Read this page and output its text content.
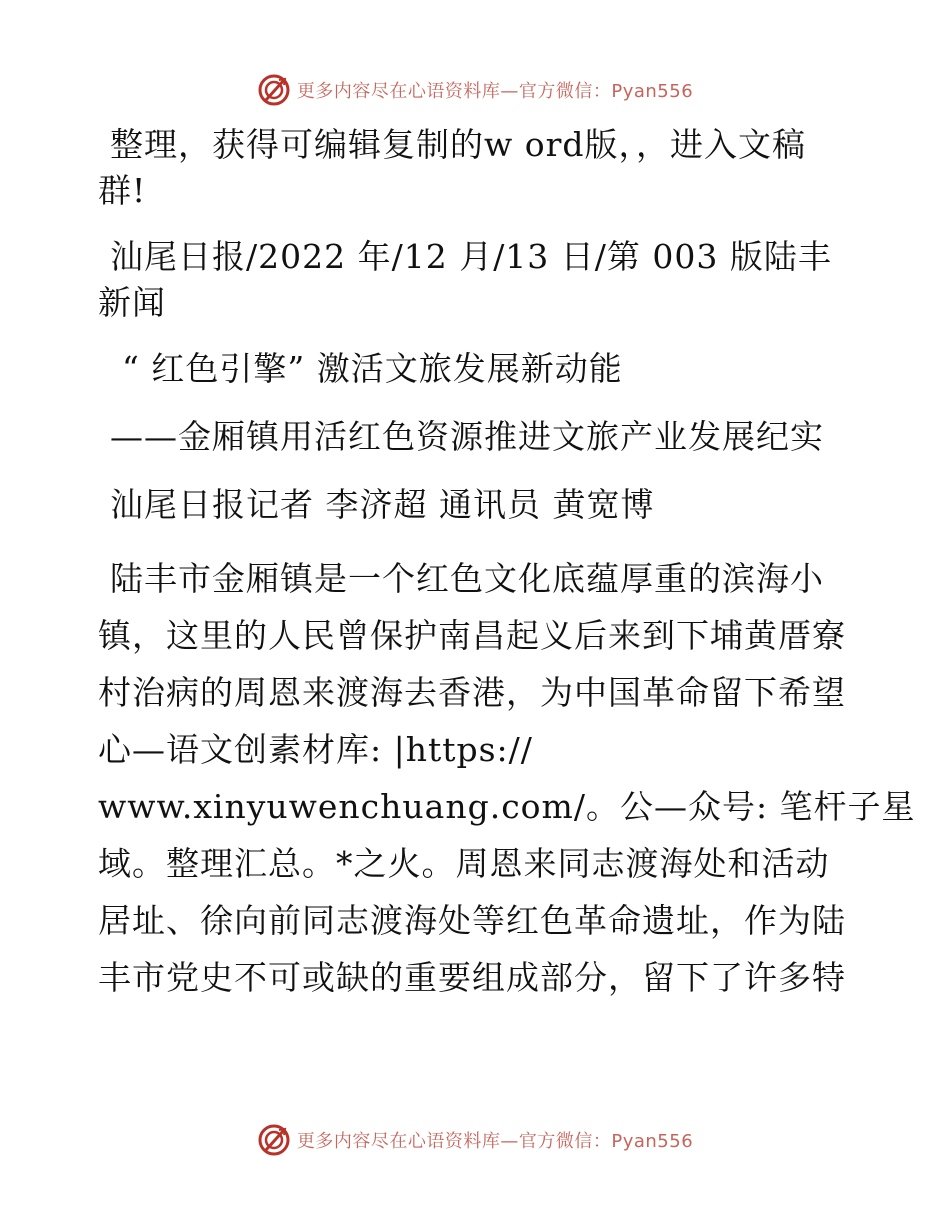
更多内容尽在心语资料库—官方微信：Pyan556
整理，获得可编辑复制的w ord版，，进入文稿
群!
汕尾日报/2022 年/12 月/13 日/第 003 版陆丰
新闻
“ 红色引擎” 激活文旅发展新动能
——金厢镇用活红色资源推进文旅产业发展纪实
汕尾日报记者 李济超 通讯员 黄宽博
陆丰市金厢镇是一个红色文化底蕴厚重的滨海小
镇，这里的人民曾保护南昌起义后来到下埔黄厝寮
村治病的周恩来渡海去香港，为中国革命留下希望
心—语文创素材库: |https://
www.xinyuwenchuang.com/。公—众号: 笔杆子星
域。整理汇总。*之火。周恩来同志渡海处和活动
居址、徐向前同志渡海处等红色革命遗址，作为陆
丰市党史不可或缺的重要组成部分，留下了许多特
更多内容尽在心语资料库—官方微信：Pyan556
